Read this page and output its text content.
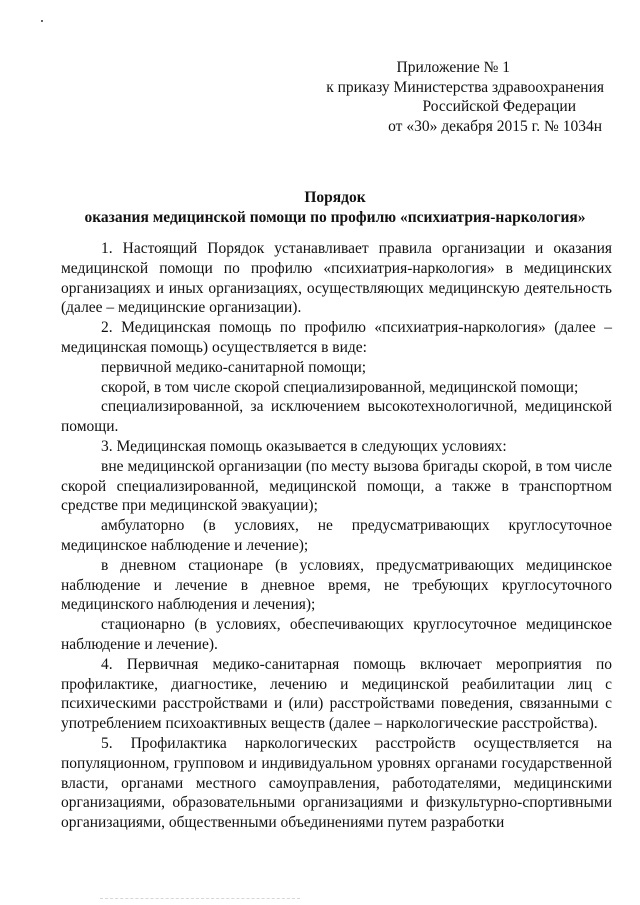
Приложение № 1
к приказу Министерства здравоохранения
Российской Федерации
от «30» декабря 2015 г. № 1034н
Порядок
оказания медицинской помощи по профилю «психиатрия-наркология»

1. Настоящий Порядок устанавливает правила организации и оказания медицинской помощи по профилю «психиатрия-наркология» в медицинских организациях и иных организациях, осуществляющих медицинскую деятельность (далее – медицинские организации).

2. Медицинская помощь по профилю «психиатрия-наркология» (далее – медицинская помощь) осуществляется в виде:

первичной медико-санитарной помощи;

скорой, в том числе скорой специализированной, медицинской помощи;

специализированной, за исключением высокотехнологичной, медицинской помощи.

3. Медицинская помощь оказывается в следующих условиях:

вне медицинской организации (по месту вызова бригады скорой, в том числе скорой специализированной, медицинской помощи, а также в транспортном средстве при медицинской эвакуации);

амбулаторно (в условиях, не предусматривающих круглосуточное медицинское наблюдение и лечение);

в дневном стационаре (в условиях, предусматривающих медицинское наблюдение и лечение в дневное время, не требующих круглосуточного медицинского наблюдения и лечения);

стационарно (в условиях, обеспечивающих круглосуточное медицинское наблюдение и лечение).

4. Первичная медико-санитарная помощь включает мероприятия по профилактике, диагностике, лечению и медицинской реабилитации лиц с психическими расстройствами и (или) расстройствами поведения, связанными с употреблением психоактивных веществ (далее – наркологические расстройства).

5. Профилактика наркологических расстройств осуществляется на популяционном, групповом и индивидуальном уровнях органами государственной власти, органами местного самоуправления, работодателями, медицинскими организациями, образовательными организациями и физкультурно-спортивными организациями, общественными объединениями путем разработки
